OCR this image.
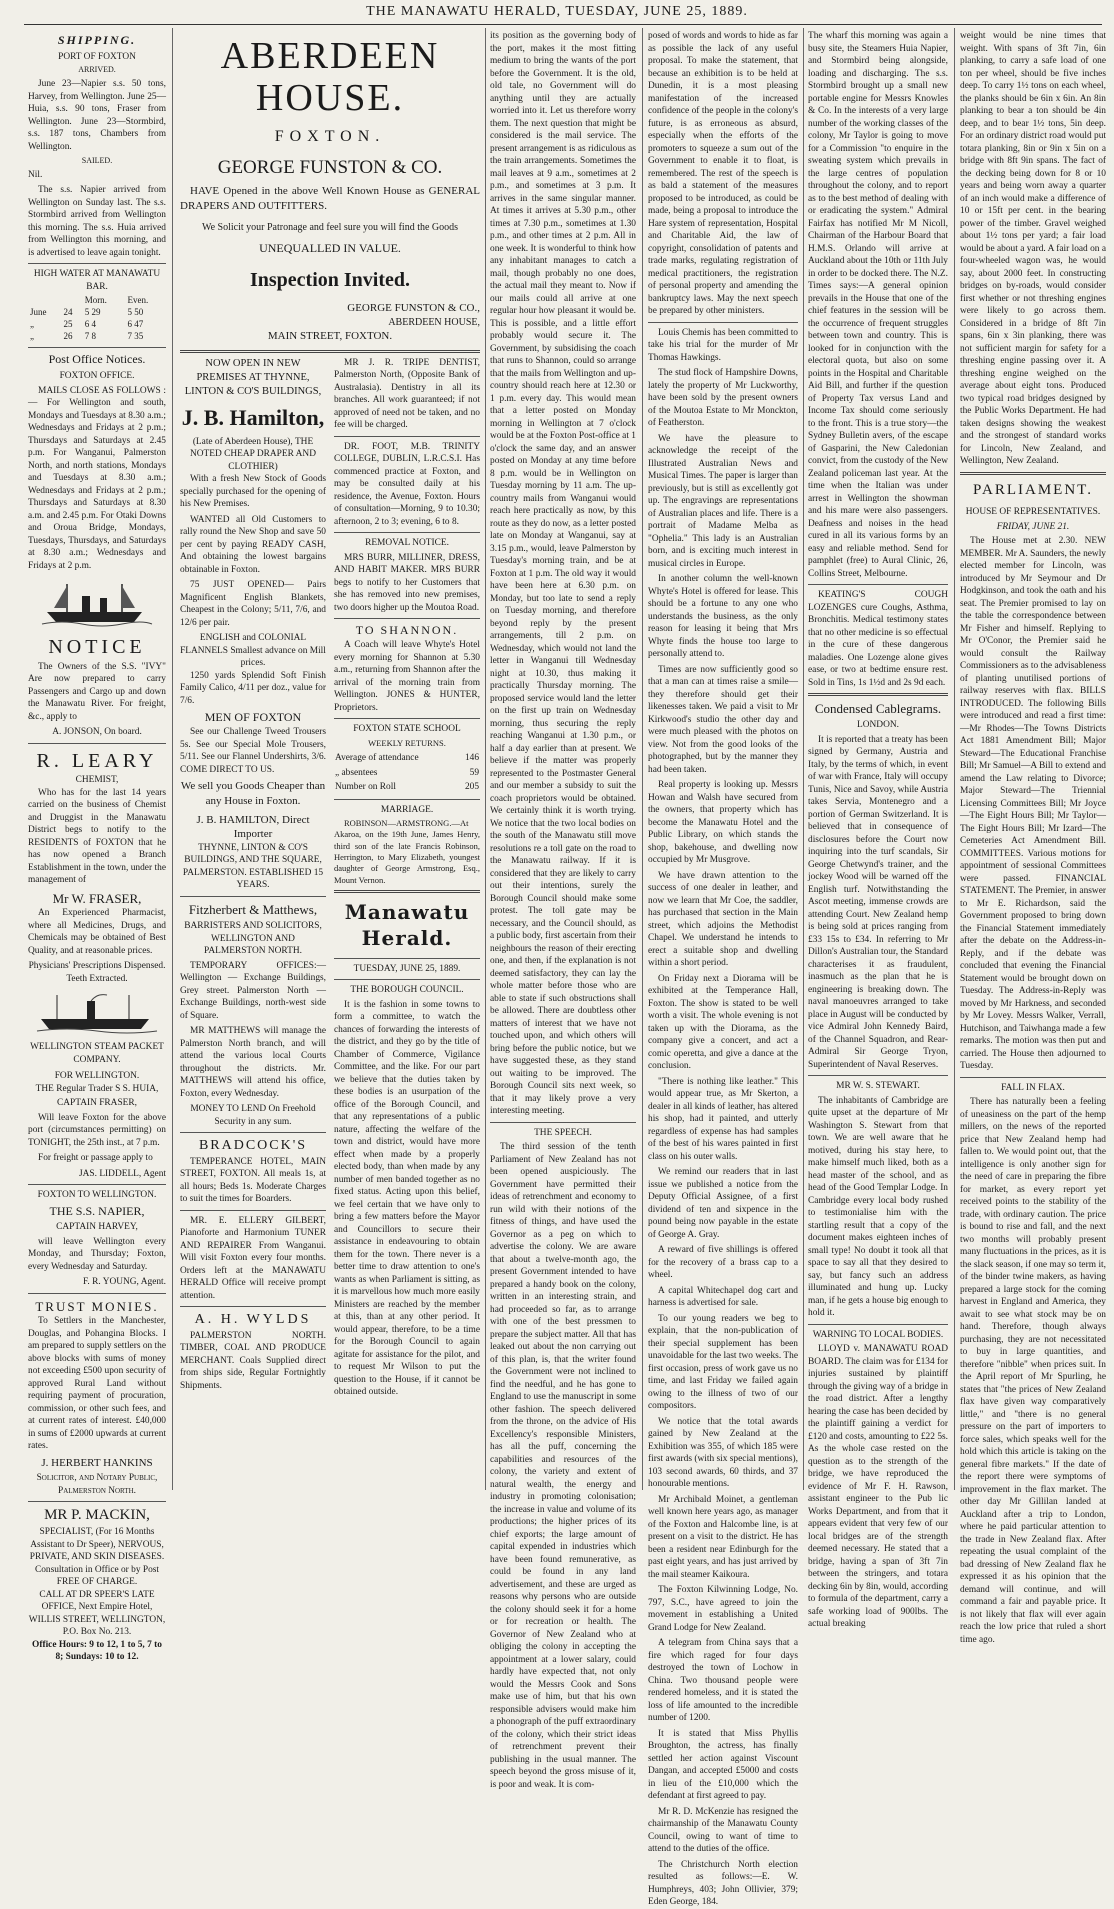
THE MANAWATU HERALD, TUESDAY, JUNE 25, 1889.
SHIPPING.
PORT OF FOXTON
ARRIVED.

June 23—Napier s.s. 50 tons, Harvey, from Wellington. June 25—Huia, s.s. 90 tons, Fraser from Wellington. June 23—Stormbird, s.s. 187 tons, Chambers from Wellington.

SAILED.

Nil.

The s.s. Napier arrived from Wellington on Sunday last. The s.s. Stormbird arrived from Wellington this morning. The s.s. Huia arrived from Wellington this morning, and is advertised to leave again tonight.

HIGH WATER AT MANAWATU BAR.
		Morn.	Even.
June	24	5 29	5 50
„	25	6 4	6 47
„	26	7 8	7 35
Post Office Notices.
FOXTON OFFICE.

MAILS CLOSE AS FOLLOWS :— For Wellington and south, Mondays and Tuesdays at 8.30 a.m.; Wednesdays and Fridays at 2 p.m.; Thursdays and Saturdays at 2.45 p.m. For Wanganui, Palmerston North, and north stations, Mondays and Tuesdays at 8.30 a.m.; Wednesdays and Fridays at 2 p.m.; Thursdays and Saturdays at 8.30 a.m. and 2.45 p.m. For Otaki Downs and Oroua Bridge, Mondays, Tuesdays, Thursdays, and Saturdays at 8.30 a.m.; Wednesdays and Fridays at 2 p.m.

NOTICE

The Owners of the S.S. "IVY" Are now prepared to carry Passengers and Cargo up and down the Manawatu River. For freight, &c., apply to

A. JONSON, On board.
R. LEARY
CHEMIST,

Who has for the last 14 years carried on the business of Chemist and Druggist in the Manawatu District begs to notify to the RESIDENTS of FOXTON that he has now opened a Branch Establishment in the town, under the management of

Mr W. FRASER,

An Experienced Pharmacist, where all Medicines, Drugs, and Chemicals may be obtained of Best Quality, and at reasonable prices.

Physicians' Prescriptions Dispensed.
Teeth Extracted.
WELLINGTON STEAM PACKET COMPANY.
FOR WELLINGTON.
THE Regular Trader S S. HUIA,
CAPTAIN FRASER,

Will leave Foxton for the above port (circumstances permitting) on TONIGHT, the 25th inst., at 7 p.m.

For freight or passage apply to

JAS. LIDDELL, Agent
FOXTON TO WELLINGTON.
THE S.S. NAPIER,
CAPTAIN HARVEY,

will leave Wellington every Monday, and Thursday; Foxton, every Wednesday and Saturday.

F. R. YOUNG, Agent.
TRUST MONIES.

To Settlers in the Manchester, Douglas, and Pohangina Blocks. I am prepared to supply settlers on the above blocks with sums of money not exceeding £500 upon security of approved Rural Land without requiring payment of procuration, commission, or other such fees, and at current rates of interest. £40,000 in sums of £2000 upwards at current rates.

J. HERBERT HANKINS
Solicitor, and Notary Public, Palmerston North.
MR P. MACKIN,
SPECIALIST, (For 16 Months Assistant to Dr Speer), NERVOUS, PRIVATE, AND SKIN DISEASES.
Consultation in Office or by Post FREE OF CHARGE.
CALL AT DR SPEER'S LATE OFFICE, Next Empire Hotel, WILLIS STREET, WELLINGTON, P.O. Box No. 213.
Office Hours: 9 to 12, 1 to 5, 7 to 8; Sundays: 10 to 12.
ABERDEEN HOUSE.
FOXTON.
GEORGE FUNSTON & CO.

HAVE Opened in the above Well Known House as GENERAL DRAPERS AND OUTFITTERS.

We Solicit your Patronage and feel sure you will find the Goods
UNEQUALLED IN VALUE.
Inspection Invited.
GEORGE FUNSTON & CO.,
ABERDEEN HOUSE,
MAIN STREET, FOXTON.
NOW OPEN IN NEW PREMISES AT THYNNE, LINTON & CO'S BUILDINGS,
J. B. Hamilton,
(Late of Aberdeen House), THE NOTED CHEAP DRAPER AND CLOTHIER)

With a fresh New Stock of Goods specially purchased for the opening of his New Premises.

WANTED all Old Customers to rally round the New Shop and save 50 per cent by paying READY CASH, And obtaining the lowest bargains obtainable in Foxton.

75 JUST OPENED— Pairs Magnificent English Blankets, Cheapest in the Colony; 5/11, 7/6, and 12/6 per pair.

ENGLISH and COLONIAL FLANNELS Smallest advance on Mill prices.

1250 yards Splendid Soft Finish Family Calico, 4/11 per doz., value for 7/6.

MEN OF FOXTON

See our Challenge Tweed Trousers 5s. See our Special Mole Trousers, 5/11. See our Flannel Undershirts, 3/6. COME DIRECT TO US.

We sell you Goods Cheaper than any House in Foxton.
J. B. HAMILTON, Direct Importer
THYNNE, LINTON & CO'S BUILDINGS, AND THE SQUARE, PALMERSTON. ESTABLISHED 15 YEARS.
Fitzherbert & Matthews,
BARRISTERS AND SOLICITORS, WELLINGTON AND PALMERSTON NORTH.

TEMPORARY OFFICES:— Wellington — Exchange Buildings, Grey street. Palmerston North — Exchange Buildings, north-west side of Square.

MR MATTHEWS will manage the Palmerston North branch, and will attend the various local Courts throughout the districts. Mr. MATTHEWS will attend his office, Foxton, every Wednesday.

MONEY TO LEND On Freehold Security in any sum.
BRADCOCK'S

TEMPERANCE HOTEL, MAIN STREET, FOXTON. All meals 1s, at all hours; Beds 1s. Moderate Charges to suit the times for Boarders.

MR. E. ELLERY GILBERT, Pianoforte and Harmonium TUNER AND REPAIRER From Wanganui. Will visit Foxton every four months. Orders left at the MANAWATU HERALD Office will receive prompt attention.

A. H. WYLDS

PALMERSTON NORTH. TIMBER, COAL AND PRODUCE MERCHANT. Coals Supplied direct from ships side, Regular Fortnightly Shipments.

MR J. R. TRIPE DENTIST, Palmerston North, (Opposite Bank of Australasia). Dentistry in all its branches. All work guaranteed; if not approved of need not be taken, and no fee will be charged.

DR. FOOT, M.B. TRINITY COLLEGE, DUBLIN, L.R.C.S.I. Has commenced practice at Foxton, and may be consulted daily at his residence, the Avenue, Foxton. Hours of consultation—Morning, 9 to 10.30; afternoon, 2 to 3; evening, 6 to 8.

REMOVAL NOTICE.

MRS BURR, MILLINER, DRESS, AND HABIT MAKER. MRS BURR begs to notify to her Customers that she has removed into new premises, two doors higher up the Moutoa Road.

TO SHANNON.

A Coach will leave Whyte's Hotel every morning for Shannon at 5.30 a.m., returning from Shannon after the arrival of the morning train from Wellington. JONES & HUNTER, Proprietors.

FOXTON STATE SCHOOL
WEEKLY RETURNS.
Average of attendance	146
„ absentees	59
Number on Roll	205
MARRIAGE.

ROBINSON—ARMSTRONG.—At Akaroa, on the 19th June, James Henry, third son of the late Francis Robinson, Herrington, to Mary Elizabeth, youngest daughter of George Armstrong, Esq., Mount Vernon.

Manawatu Herald.
TUESDAY, JUNE 25, 1889.
THE BOROUGH COUNCIL.

It is the fashion in some towns to form a committee, to watch the chances of forwarding the interests of the district, and they go by the title of Chamber of Commerce, Vigilance Committee, and the like. For our part we believe that the duties taken by these bodies is an usurpation of the office of the Borough Council, and that any representations of a public nature, affecting the welfare of the town and district, would have more effect when made by a properly elected body, than when made by any number of men banded together as no fixed status. Acting upon this belief, we feel certain that we have only to bring a few matters before the Mayor and Councillors to secure their assistance in endeavouring to obtain them for the town. There never is a better time to draw attention to one's wants as when Parliament is sitting, as it is marvellous how much more easily Ministers are reached by the member at this, than at any other period. It would appear, therefore, to be a time for the Borough Council to again agitate for assistance for the pilot, and to request Mr Wilson to put the question to the House, if it cannot be obtained outside.

its position as the governing body of the port, makes it the most fitting medium to bring the wants of the port before the Government. It is the old, old tale, no Government will do anything until they are actually worried into it. Let us therefore worry them. The next question that might be considered is the mail service. The present arrangement is as ridiculous as the train arrangements. Sometimes the mail leaves at 9 a.m., sometimes at 2 p.m., and sometimes at 3 p.m. It arrives in the same singular manner. At times it arrives at 5.30 p.m., other times at 7.30 p.m., sometimes at 1.30 p.m., and other times at 2 p.m. All in one week. It is wonderful to think how any inhabitant manages to catch a mail, though probably no one does, the actual mail they meant to. Now if our mails could all arrive at one regular hour how pleasant it would be. This is possible, and a little effort probably would secure it. The Government, by subsidising the coach that runs to Shannon, could so arrange that the mails from Wellington and up-country should reach here at 12.30 or 1 p.m. every day. This would mean that a letter posted on Monday morning in Wellington at 7 o'clock would be at the Foxton Post-office at 1 o'clock the same day, and an answer posted on Monday at any time before 8 p.m. would be in Wellington on Tuesday morning by 11 a.m. The up-country mails from Wanganui would reach here practically as now, by this route as they do now, as a letter posted late on Monday at Wanganui, say at 3.15 p.m., would, leave Palmerston by Tuesday's morning train, and be at Foxton at 1 p.m. The old way it would have been here at 6.30 p.m. on Monday, but too late to send a reply on Tuesday morning, and therefore beyond reply by the present arrangements, till 2 p.m. on Wednesday, which would not land the letter in Wanganui till Wednesday night at 10.30, thus making it practically Thursday morning. The proposed service would land the letter on the first up train on Wednesday morning, thus securing the reply reaching Wanganui at 1.30 p.m., or half a day earlier than at present. We believe if the matter was properly represented to the Postmaster General and our member a subsidy to suit the coach proprietors would be obtained. We certainly think it is worth trying. We notice that the two local bodies on the south of the Manawatu still move resolutions re a toll gate on the road to the Manawatu railway. If it is considered that they are likely to carry out their intentions, surely the Borough Council should make some protest. The toll gate may be necessary, and the Council should, as a public body, first ascertain from their neighbours the reason of their erecting one, and then, if the explanation is not deemed satisfactory, they can lay the whole matter before those who are able to state if such obstructions shall be allowed. There are doubtless other matters of interest that we have not touched upon, and which others will bring before the public notice, but we have suggested these, as they stand out waiting to be improved. The Borough Council sits next week, so that it may likely prove a very interesting meeting.

THE SPEECH.

The third session of the tenth Parliament of New Zealand has not been opened auspiciously. The Government have permitted their ideas of retrenchment and economy to run wild with their notions of the fitness of things, and have used the Governor as a peg on which to advertise the colony. We are aware that about a twelve-month ago, the present Government intended to have prepared a handy book on the colony, written in an interesting strain, and had proceeded so far, as to arrange with one of the best pressmen to prepare the subject matter. All that has leaked out about the non carrying out of this plan, is, that the writer found the Government were not inclined to find the needful, and he has gone to England to use the manuscript in some other fashion. The speech delivered from the throne, on the advice of His Excellency's responsible Ministers, has all the puff, concerning the capabilities and resources of the colony, the variety and extent of natural wealth, the energy and industry in promoting colonisation; the increase in value and volume of its productions; the higher prices of its chief exports; the large amount of capital expended in industries which have been found remunerative, as could be found in any land advertisement, and these are urged as reasons why persons who are outside the colony should seek it for a home or for recreation or health. The Governor of New Zealand who at obliging the colony in accepting the appointment at a lower salary, could hardly have expected that, not only would the Messrs Cook and Sons make use of him, but that his own responsible advisers would make him a phonograph of the puff extraordinary of the colony, which their strict ideas of retrenchment prevent their publishing in the usual manner. The speech beyond the gross misuse of it, is poor and weak. It is com-

posed of words and words to hide as far as possible the lack of any useful proposal. To make the statement, that because an exhibition is to be held at Dunedin, it is a most pleasing manifestation of the increased confidence of the people in the colony's future, is as erroneous as absurd, especially when the efforts of the promoters to squeeze a sum out of the Government to enable it to float, is remembered. The rest of the speech is as bald a statement of the measures proposed to be introduced, as could be made, being a proposal to introduce the Hare system of representation, Hospital and Charitable Aid, the law of copyright, consolidation of patents and trade marks, regulating registration of medical practitioners, the registration of personal property and amending the bankruptcy laws. May the next speech be prepared by other ministers.

Louis Chemis has been committed to take his trial for the murder of Mr Thomas Hawkings.

The stud flock of Hampshire Downs, lately the property of Mr Luckworthy, have been sold by the present owners of the Moutoa Estate to Mr Monckton, of Featherston.

We have the pleasure to acknowledge the receipt of the Illustrated Australian News and Musical Times. The paper is larger than previously, but is still as excellently got up. The engravings are representations of Australian places and life. There is a portrait of Madame Melba as "Ophelia." This lady is an Australian born, and is exciting much interest in musical circles in Europe.

In another column the well-known Whyte's Hotel is offered for lease. This should be a fortune to any one who understands the business, as the only reason for leasing it being that Mrs Whyte finds the house too large to personally attend to.

Times are now sufficiently good so that a man can at times raise a smile—they therefore should get their likenesses taken. We paid a visit to Mr Kirkwood's studio the other day and were much pleased with the photos on view. Not from the good looks of the photographed, but by the manner they had been taken.

Real property is looking up. Messrs Howan and Walsh have secured from the owners, that property which has become the Manawatu Hotel and the Public Library, on which stands the shop, bakehouse, and dwelling now occupied by Mr Musgrove.

We have drawn attention to the success of one dealer in leather, and now we learn that Mr Coe, the saddler, has purchased that section in the Main street, which adjoins the Methodist Chapel. We understand he intends to erect a suitable shop and dwelling within a short period.

On Friday next a Diorama will be exhibited at the Temperance Hall, Foxton. The show is stated to be well worth a visit. The whole evening is not taken up with the Diorama, as the company give a concert, and act a comic operetta, and give a dance at the conclusion.

"There is nothing like leather." This would appear true, as Mr Skerton, a dealer in all kinds of leather, has altered his shop, had it painted, and utterly regardless of expense has had samples of the best of his wares painted in first class on his outer walls.

We remind our readers that in last issue we published a notice from the Deputy Official Assignee, of a first dividend of ten and sixpence in the pound being now payable in the estate of George A. Gray.

A reward of five shillings is offered for the recovery of a brass cap to a wheel.

A capital Whitechapel dog cart and harness is advertised for sale.

To our young readers we beg to explain, that the non-publication of their special supplement has been unavoidable for the last two weeks. The first occasion, press of work gave us no time, and last Friday we failed again owing to the illness of two of our compositors.

We notice that the total awards gained by New Zealand at the Exhibition was 355, of which 185 were first awards (with six special mentions), 103 second awards, 60 thirds, and 37 honourable mentions.

Mr Archibald Moinet, a gentleman well known here years ago, as manager of the Foxton and Halcombe line, is at present on a visit to the district. He has been a resident near Edinburgh for the past eight years, and has just arrived by the mail steamer Kaikoura.

The Foxton Kilwinning Lodge, No. 797, S.C., have agreed to join the movement in establishing a United Grand Lodge for New Zealand.

A telegram from China says that a fire which raged for four days destroyed the town of Lochow in China. Two thousand people were rendered homeless, and it is stated the loss of life amounted to the incredible number of 1200.

It is stated that Miss Phyllis Broughton, the actress, has finally settled her action against Viscount Dangan, and accepted £5000 and costs in lieu of the £10,000 which the defendant at first agreed to pay.

Mr R. D. McKenzie has resigned the chairmanship of the Manawatu County Council, owing to want of time to attend to the duties of the office.

The Christchurch North election resulted as follows:—E. W. Humphreys, 403; John Ollivier, 379; Eden George, 184.

The wharf this morning was again a busy site, the Steamers Huia Napier, and Stormbird being alongside, loading and discharging. The s.s. Stormbird brought up a small new portable engine for Messrs Knowles & Co. In the interests of a very large number of the working classes of the colony, Mr Taylor is going to move for a Commission "to enquire in the sweating system which prevails in the large centres of population throughout the colony, and to report as to the best method of dealing with or eradicating the system." Admiral Fairfax has notified Mr M Nicoll, Chairman of the Harbour Board that H.M.S. Orlando will arrive at Auckland about the 10th or 11th July in order to be docked there. The N.Z. Times says:—A general opinion prevails in the House that one of the chief features in the session will be the occurrence of frequent struggles between town and country. This is looked for in conjunction with the electoral quota, but also on some points in the Hospital and Charitable Aid Bill, and further if the question of Property Tax versus Land and Income Tax should come seriously to the front. This is a true story—the Sydney Bulletin avers, of the escape of Gasparini, the New Caledonian convict, from the custody of the New Zealand policeman last year. At the time when the Italian was under arrest in Wellington the showman and his mare were also passengers. Deafness and noises in the head cured in all its various forms by an easy and reliable method. Send for pamphlet (free) to Aural Clinic, 26, Collins Street, Melbourne.

KEATING'S COUGH LOZENGES cure Coughs, Asthma, Bronchitis. Medical testimony states that no other medicine is so effectual in the cure of these dangerous maladies. One Lozenge alone gives ease, or two at bedtime ensure rest. Sold in Tins, 1s 1½d and 2s 9d each.

Condensed Cablegrams.
LONDON.

It is reported that a treaty has been signed by Germany, Austria and Italy, by the terms of which, in event of war with France, Italy will occupy Tunis, Nice and Savoy, while Austria takes Servia, Montenegro and a portion of German Switzerland. It is believed that in consequence of disclosures before the Court now inquiring into the turf scandals, Sir George Chetwynd's trainer, and the jockey Wood will be warned off the English turf. Notwithstanding the Ascot meeting, immense crowds are attending Court. New Zealand hemp is being sold at prices ranging from £33 15s to £34. In referring to Mr Dillon's Australian tour, the Standard characterises it as fraudulent, inasmuch as the plan that he is engineering is breaking down. The naval manoeuvres arranged to take place in August will be conducted by vice Admiral John Kennedy Baird, of the Channel Squadron, and Rear-Admiral Sir George Tryon, Superintendent of Naval Reserves.

MR W. S. STEWART.

The inhabitants of Cambridge are quite upset at the departure of Mr Washington S. Stewart from that town. We are well aware that he motived, during his stay here, to make himself much liked, both as a head master of the school, and as head of the Good Templar Lodge. In Cambridge every local body rushed to testimonialise him with the startling result that a copy of the document makes eighteen inches of small type! No doubt it took all that space to say all that they desired to say, but fancy such an address illuminated and hung up. Lucky man, if he gets a house big enough to hold it.

WARNING TO LOCAL BODIES.

LLOYD v. MANAWATU ROAD BOARD. The claim was for £134 for injuries sustained by plaintiff through the giving way of a bridge in the road district. After a lengthy hearing the case has been decided by the plaintiff gaining a verdict for £120 and costs, amounting to £22 5s. As the whole case rested on the question as to the strength of the bridge, we have reproduced the evidence of Mr F. H. Rawson, assistant engineer to the Pub lic Works Department, and from that it appears evident that very few of our local bridges are of the strength deemed necessary. He stated that a bridge, having a span of 3ft 7in between the stringers, and totara decking 6in by 8in, would, according to formula of the department, carry a safe working load of 900lbs. The actual breaking

weight would be nine times that weight. With spans of 3ft 7in, 6in planking, to carry a safe load of one ton per wheel, should be five inches deep. To carry 1½ tons on each wheel, the planks should be 6in x 6in. An 8in planking to bear a ton should be 4in deep, and to bear 1½ tons, 5in deep. For an ordinary district road would put totara planking, 8in or 9in x 5in on a bridge with 8ft 9in spans. The fact of the decking being down for 8 or 10 years and being worn away a quarter of an inch would make a difference of 10 or 15ft per cent. in the bearing power of the timber. Gravel weighed about 1½ tons per yard; a fair load would be about a yard. A fair load on a four-wheeled wagon was, he would say, about 2000 feet. In constructing bridges on by-roads, would consider first whether or not threshing engines were likely to go across them. Considered in a bridge of 8ft 7in spans, 6in x 3in planking, there was not sufficient margin for safety for a threshing engine passing over it. A threshing engine weighed on the average about eight tons. Produced two typical road bridges designed by the Public Works Department. He had taken designs showing the weakest and the strongest of standard works for Lincoln, New Zealand, and Wellington, New Zealand.

PARLIAMENT.
HOUSE OF REPRESENTATIVES.
FRIDAY, JUNE 21.

The House met at 2.30. NEW MEMBER. Mr A. Saunders, the newly elected member for Lincoln, was introduced by Mr Seymour and Dr Hodgkinson, and took the oath and his seat. The Premier promised to lay on the table the correspondence between Mr Fisher and himself. Replying to Mr O'Conor, the Premier said he would consult the Railway Commissioners as to the advisableness of planting unutilised portions of railway reserves with flax. BILLS INTRODUCED. The following Bills were introduced and read a first time:—Mr Rhodes—The Towns Districts Act 1881 Amendment Bill; Major Steward—The Educational Franchise Bill; Mr Samuel—A Bill to extend and amend the Law relating to Divorce; Major Steward—The Triennial Licensing Committees Bill; Mr Joyce—The Eight Hours Bill; Mr Taylor—The Eight Hours Bill; Mr Izard—The Cemeteries Act Amendment Bill. COMMITTEES. Various motions for appointment of sessional Committees were passed. FINANCIAL STATEMENT. The Premier, in answer to Mr E. Richardson, said the Government proposed to bring down the Financial Statement immediately after the debate on the Address-in-Reply, and if the debate was concluded that evening the Financial Statement would be brought down on Tuesday. The Address-in-Reply was moved by Mr Harkness, and seconded by Mr Lovey. Messrs Walker, Verrall, Hutchison, and Taiwhanga made a few remarks. The motion was then put and carried. The House then adjourned to Tuesday.

FALL IN FLAX.

There has naturally been a feeling of uneasiness on the part of the hemp millers, on the news of the reported price that New Zealand hemp had fallen to. We would point out, that the intelligence is only another sign for the need of care in preparing the fibre for market, as every report yet received points to the stability of the trade, with ordinary caution. The price is bound to rise and fall, and the next two months will probably present many fluctuations in the prices, as it is the slack season, if one may so term it, of the binder twine makers, as having prepared a large stock for the coming harvest in England and America, they await to see what stock may be on hand. Therefore, though always purchasing, they are not necessitated to buy in large quantities, and therefore "nibble" when prices suit. In the April report of Mr Spurling, he states that "the prices of New Zealand flax have given way comparatively little," and "there is no general pressure on the part of importers to force sales, which speaks well for the hold which this article is taking on the general fibre markets." If the date of the report there were symptoms of improvement in the flax market. The other day Mr Gillilan landed at Auckland after a trip to London, where he paid particular attention to the trade in New Zealand flax. After repeating the usual complaint of the bad dressing of New Zealand flax he expressed it as his opinion that the demand will continue, and will command a fair and payable price. It is not likely that flax will ever again reach the low price that ruled a short time ago.
